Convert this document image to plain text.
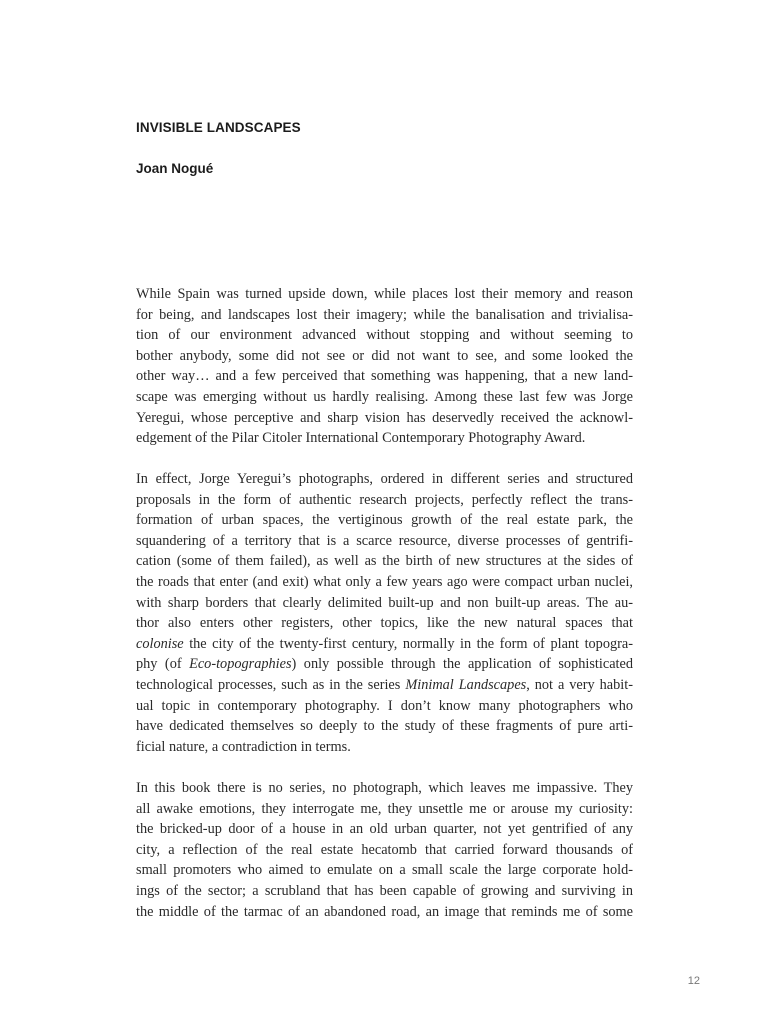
INVISIBLE LANDSCAPES
Joan Nogué
While Spain was turned upside down, while places lost their memory and reason
for being, and landscapes lost their imagery; while the banalisation and trivialisa-
tion of our environment advanced without stopping and without seeming to
bother anybody, some did not see or did not want to see, and some looked the
other way… and a few perceived that something was happening, that a new land-
scape was emerging without us hardly realising. Among these last few was Jorge
Yeregui, whose perceptive and sharp vision has deservedly received the acknowl-
edgement of the Pilar Citoler International Contemporary Photography Award.
In effect, Jorge Yeregui’s photographs, ordered in different series and structured
proposals in the form of authentic research projects, perfectly reflect the trans-
formation of urban spaces, the vertiginous growth of the real estate park, the
squandering of a territory that is a scarce resource, diverse processes of gentrifi-
cation (some of them failed), as well as the birth of new structures at the sides of
the roads that enter (and exit) what only a few years ago were compact urban nuclei,
with sharp borders that clearly delimited built-up and non built-up areas. The au-
thor also enters other registers, other topics, like the new natural spaces that
colonise the city of the twenty-first century, normally in the form of plant topogra-
phy (of Eco-topographies) only possible through the application of sophisticated
technological processes, such as in the series Minimal Landscapes, not a very habit-
ual topic in contemporary photography. I don’t know many photographers who
have dedicated themselves so deeply to the study of these fragments of pure arti-
ficial nature, a contradiction in terms.
In this book there is no series, no photograph, which leaves me impassive. They
all awake emotions, they interrogate me, they unsettle me or arouse my curiosity:
the bricked-up door of a house in an old urban quarter, not yet gentrified of any
city, a reflection of the real estate hecatomb that carried forward thousands of
small promoters who aimed to emulate on a small scale the large corporate hold-
ings of the sector; a scrubland that has been capable of growing and surviving in
the middle of the tarmac of an abandoned road, an image that reminds me of some
12
